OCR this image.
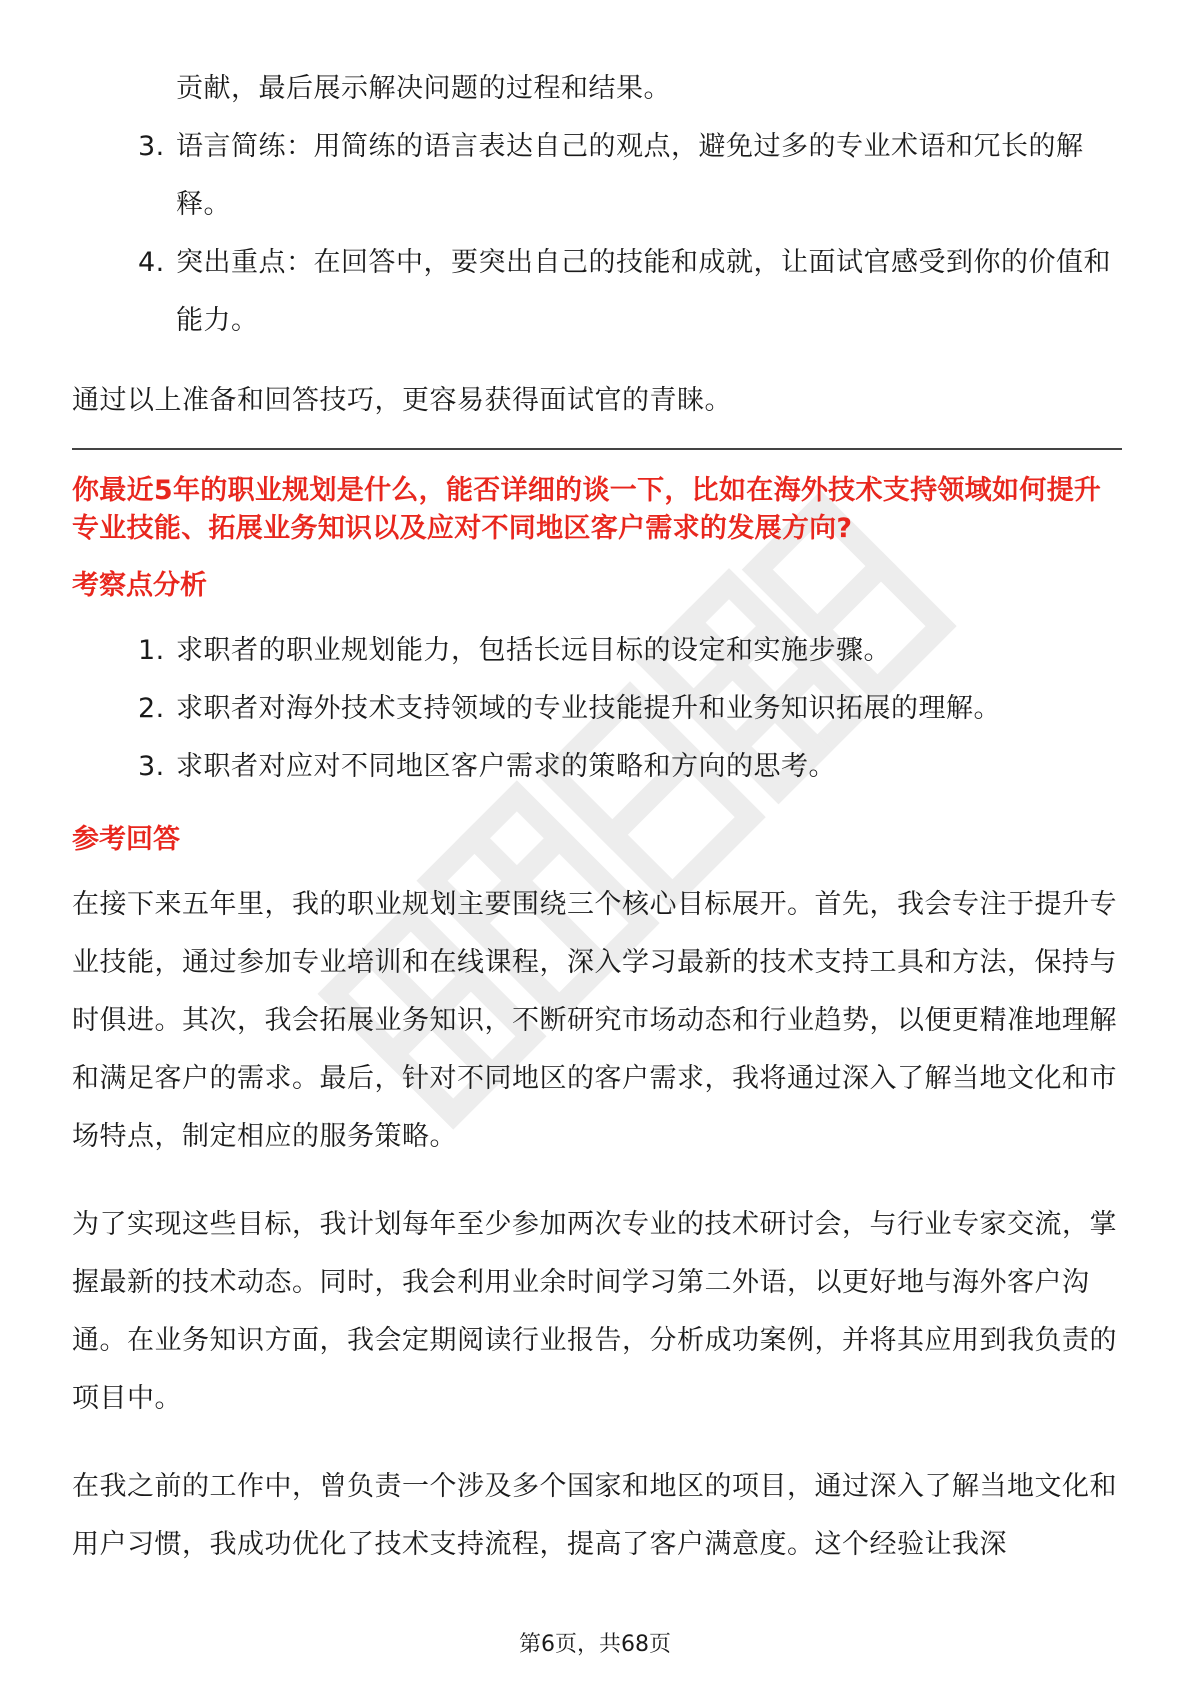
贡献，最后展示解决问题的过程和结果。

3. 语言简练：用简练的语言表达自己的观点，避免过多的专业术语和冗长的解释。
4. 突出重点：在回答中，要突出自己的技能和成就，让面试官感受到你的价值和能力。

通过以上准备和回答技巧，更容易获得面试官的青睐。

你最近5年的职业规划是什么，能否详细的谈一下，比如在海外技术支持领域如何提升专业技能、拓展业务知识以及应对不同地区客户需求的发展方向?

考察点分析
1. 求职者的职业规划能力，包括长远目标的设定和实施步骤。
2. 求职者对海外技术支持领域的专业技能提升和业务知识拓展的理解。
3. 求职者对应对不同地区客户需求的策略和方向的思考。
参考回答

在接下来五年里，我的职业规划主要围绕三个核心目标展开。首先，我会专注于提升专业技能，通过参加专业培训和在线课程，深入学习最新的技术支持工具和方法，保持与时俱进。其次，我会拓展业务知识，不断研究市场动态和行业趋势，以便更精准地理解和满足客户的需求。最后，针对不同地区的客户需求，我将通过深入了解当地文化和市场特点，制定相应的服务策略。

为了实现这些目标，我计划每年至少参加两次专业的技术研讨会，与行业专家交流，掌握最新的技术动态。同时，我会利用业余时间学习第二外语，以更好地与海外客户沟通。在业务知识方面，我会定期阅读行业报告，分析成功案例，并将其应用到我负责的项目中。

在我之前的工作中，曾负责一个涉及多个国家和地区的项目，通过深入了解当地文化和用户习惯，我成功优化了技术支持流程，提高了客户满意度。这个经验让我深

第6页，共68页
